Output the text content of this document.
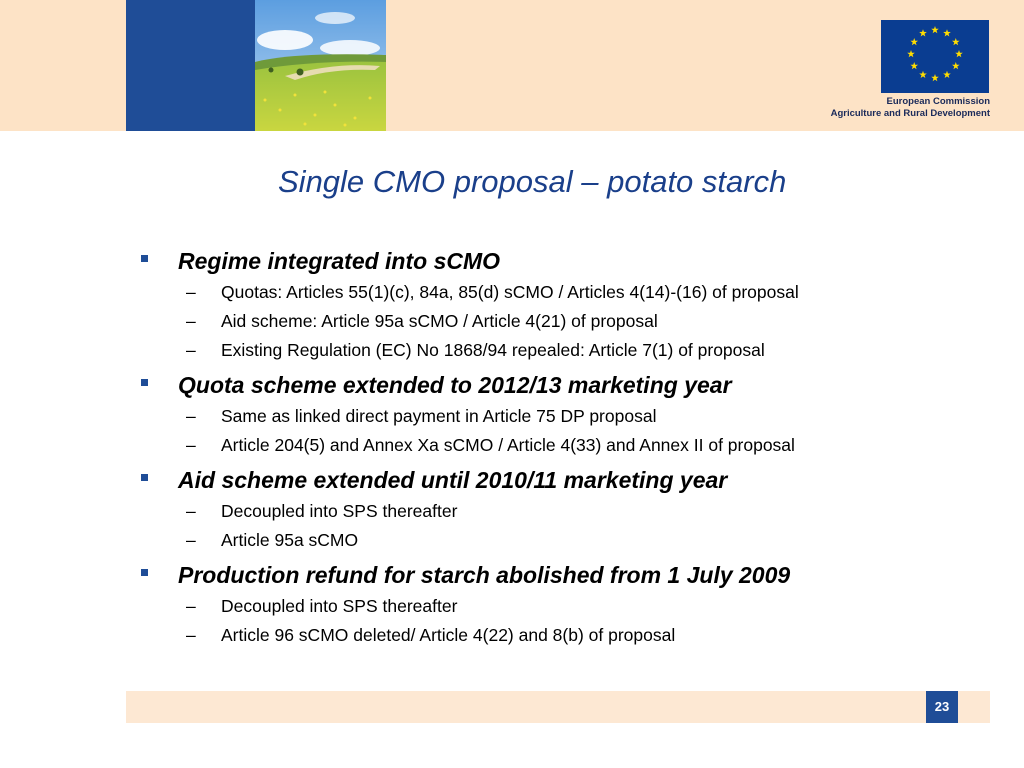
European Commission
Agriculture and Rural Development
Single CMO proposal – potato starch
Regime integrated into sCMO
– Quotas: Articles 55(1)(c), 84a, 85(d) sCMO / Articles 4(14)-(16) of proposal
– Aid scheme: Article 95a sCMO / Article 4(21) of proposal
– Existing Regulation (EC) No 1868/94 repealed: Article 7(1) of proposal
Quota scheme extended to 2012/13 marketing year
– Same as linked direct payment in Article 75 DP proposal
– Article 204(5) and Annex Xa sCMO / Article 4(33) and Annex II of proposal
Aid scheme extended until 2010/11 marketing year
– Decoupled into SPS thereafter
– Article 95a sCMO
Production refund for starch abolished from 1 July 2009
– Decoupled into SPS thereafter
– Article 96 sCMO deleted/ Article 4(22) and 8(b) of proposal
23
